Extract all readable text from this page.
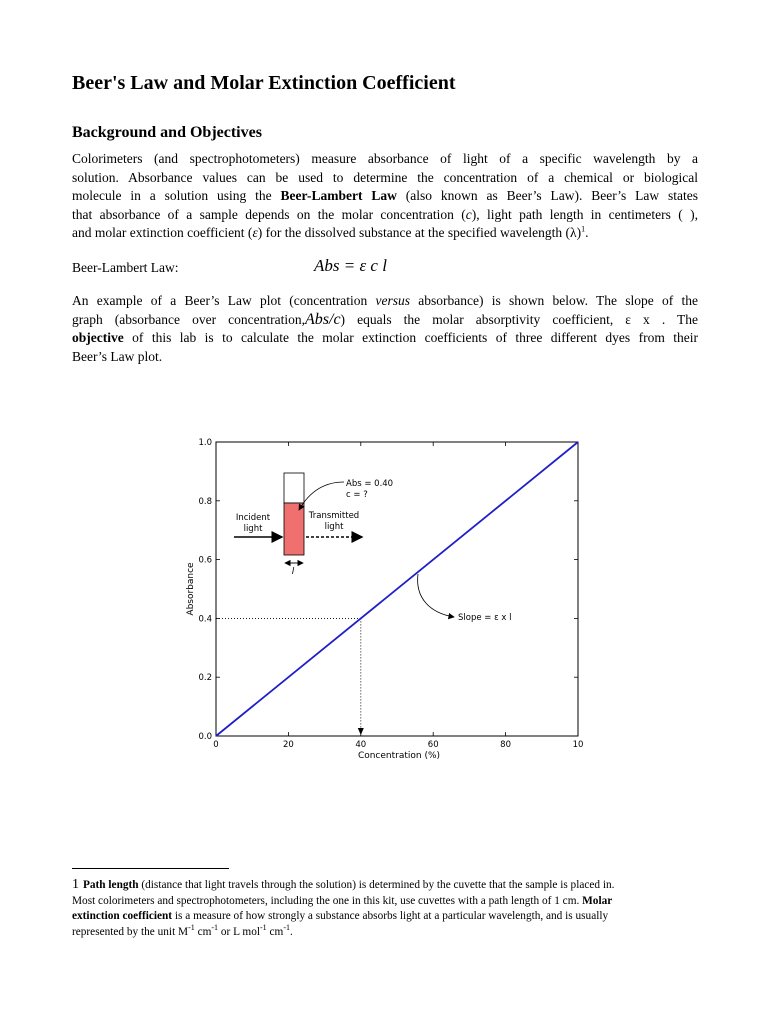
Beer's Law and Molar Extinction Coefficient
Background and Objectives
Colorimeters (and spectrophotometers) measure absorbance of light of a specific wavelength by a
solution. Absorbance values can be used to determine the concentration of a chemical or biological
molecule in a solution using the Beer-Lambert Law (also known as Beer’s Law). Beer’s Law states
that absorbance of a sample depends on the molar concentration (c), light path length in centimeters ( ),
and molar extinction coefficient (ε) for the dissolved substance at the specified wavelength $(\lambda)^1$.
Beer-Lambert Law:	Abs = ε c l
An example of a Beer’s Law plot (concentration versus absorbance) is shown below. The slope of the
graph (absorbance over concentration,Abs/c) equals the molar absorptivity coefficient, ε x . The
objective of this lab is to calculate the molar extinction coefficients of three different dyes from their
Beer’s Law plot.
0.0
0.2
0.4
0.6
0.8
1.0
0	20	40	60	80	10
Concentration (%)
Absorbance
Incident
light
Transmitted
light
l
Abs = 0.40
c = ?
Slope = ε x l
1 Path length (distance that light travels through the solution) is determined by the cuvette that the sample is placed in.
Most colorimeters and spectrophotometers, including the one in this kit, use cuvettes with a path length of 1 cm. Molar
extinction coefficient is a measure of how strongly a substance absorbs light at a particular wavelength, and is usually
represented by the unit $M^{-1}$ $cm^{-1}$ or L mol$^{-1}$ $cm^{-1}$.
